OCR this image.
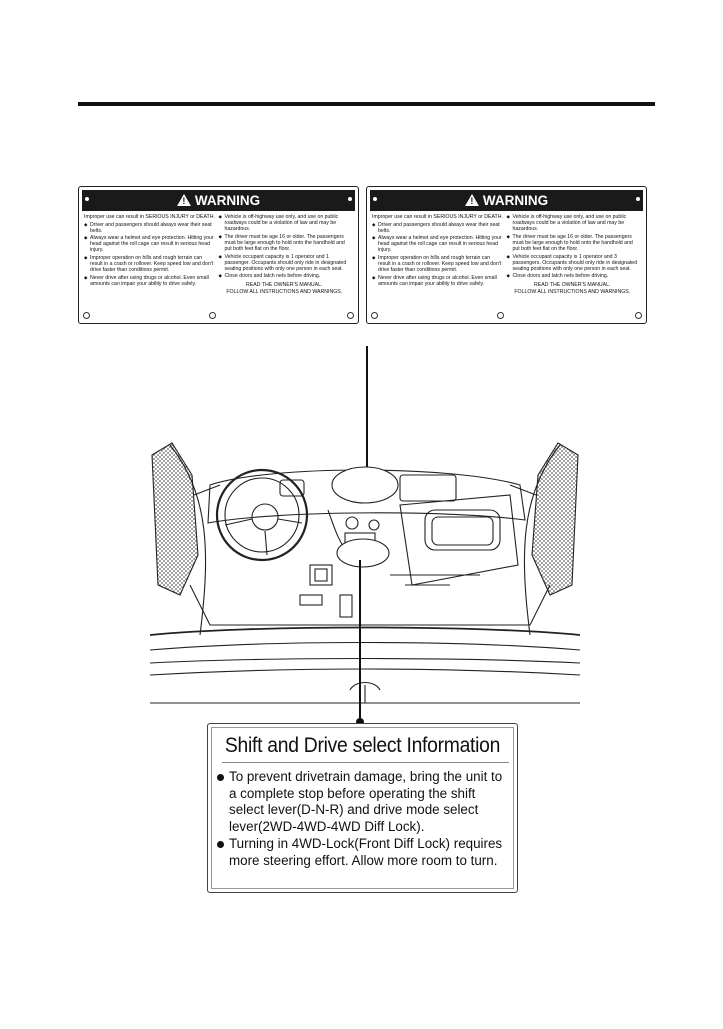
! WARNING

Improper use can result in SERIOUS INJURY or DEATH.

◆ Driver and passengers should always wear their seat belts.

◆ Always wear a helmet and eye protection. Hitting your head against the roll cage can result in serious head injury.

◆ Improper operation on hills and rough terrain can result in a crash or rollover. Keep speed low and don't drive faster than conditions permit.

◆ Never drive after using drugs or alcohol. Even small amounts can impair your ability to drive safely.

◆ Vehicle is off-highway use only, and use on public roadways could be a violation of law and may be hazardous.

◆ The driver must be age 16 or older. The passengers must be large enough to hold onto the handhold and put both feet flat on the floor.

◆ Vehicle occupant capacity is 1 operator and 1 passenger. Occupants should only ride in designated seating positions with only one person in each seat.

◆ Close doors and latch nets before driving.

READ THE OWNER'S MANUAL.
FOLLOW ALL INSTRUCTIONS AND WARNINGS.
! WARNING

Improper use can result in SERIOUS INJURY or DEATH.

◆ Driver and passengers should always wear their seat belts.

◆ Always wear a helmet and eye protection. Hitting your head against the roll cage can result in serious head injury.

◆ Improper operation on hills and rough terrain can result in a crash or rollover. Keep speed low and don't drive faster than conditions permit.

◆ Never drive after using drugs or alcohol. Even small amounts can impair your ability to drive safely.

◆ Vehicle is off-highway use only, and use on public roadways could be a violation of law and may be hazardous.

◆ The driver must be age 16 or older. The passengers must be large enough to hold onto the handhold and put both feet flat on the floor.

◆ Vehicle occupant capacity is 1 operator and 3 passengers. Occupants should only ride in designated seating positions with only one person in each seat.

◆ Close doors and latch nets before driving.

READ THE OWNER'S MANUAL.
FOLLOW ALL INSTRUCTIONS AND WARNINGS.
Shift and Drive select Information
To prevent drivetrain damage, bring the unit to a complete stop before operating the shift select lever(D-N-R) and drive mode select lever(2WD-4WD-4WD Diff Lock).
Turning in 4WD-Lock(Front Diff Lock) requires more steering effort. Allow more room to turn.
